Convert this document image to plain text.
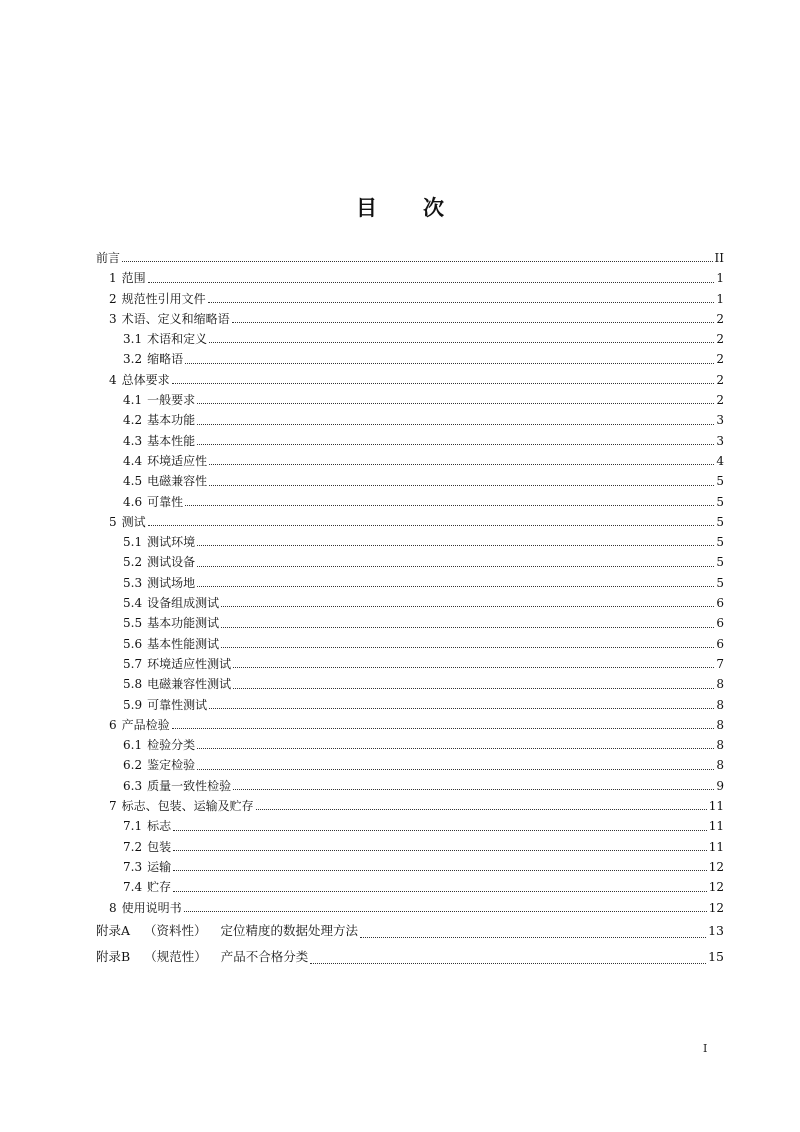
目 次
前言	II
1 范围	1
2 规范性引用文件	1
3 术语、定义和缩略语	2
3.1 术语和定义	2
3.2 缩略语	2
4 总体要求	2
4.1 一般要求	2
4.2 基本功能	3
4.3 基本性能	3
4.4 环境适应性	4
4.5 电磁兼容性	5
4.6 可靠性	5
5 测试	5
5.1 测试环境	5
5.2 测试设备	5
5.3 测试场地	5
5.4 设备组成测试	6
5.5 基本功能测试	6
5.6 基本性能测试	6
5.7 环境适应性测试	7
5.8 电磁兼容性测试	8
5.9 可靠性测试	8
6 产品检验	8
6.1 检验分类	8
6.2 鉴定检验	8
6.3 质量一致性检验	9
7 标志、包装、运输及贮存	11
7.1 标志	11
7.2 包装	11
7.3 运输	12
7.4 贮存	12
8 使用说明书	12
附录A （资料性） 定位精度的数据处理方法	13
附录B （规范性） 产品不合格分类	15
I
